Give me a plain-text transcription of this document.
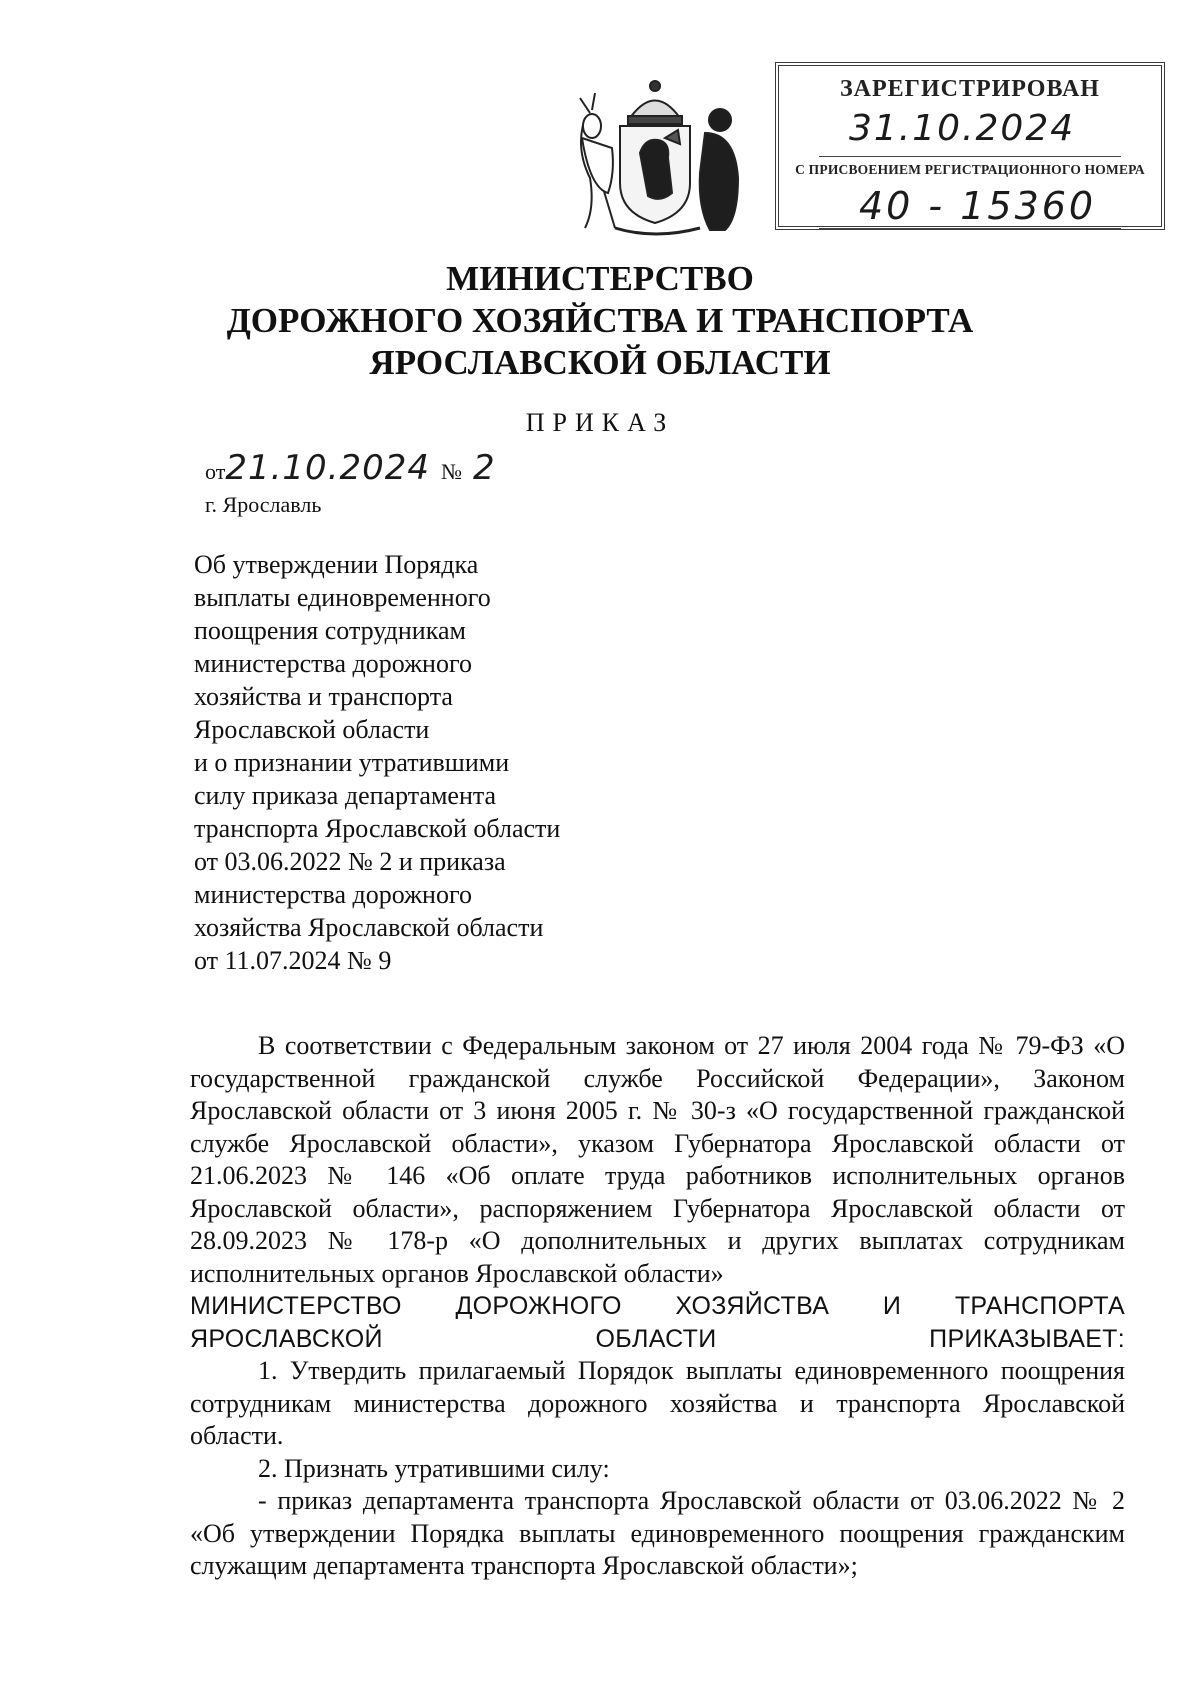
ЗАРЕГИСТРИРОВАН
31.10.2024
С ПРИСВОЕНИЕМ РЕГИСТРАЦИОННОГО НОМЕРА
40 - 15360
МИНИСТЕРСТВО
ДОРОЖНОГО ХОЗЯЙСТВА И ТРАНСПОРТА
ЯРОСЛАВСКОЙ ОБЛАСТИ
ПРИКАЗ
от21.10.2024 № 2
г. Ярославль
Об утверждении Порядка
выплаты единовременного
поощрения сотрудникам
министерства дорожного
хозяйства и транспорта
Ярославской области
и о признании утратившими
силу приказа департамента
транспорта Ярославской области
от 03.06.2022 № 2 и приказа
министерства дорожного
хозяйства Ярославской области
от 11.07.2024 № 9

В соответствии с Федеральным законом от 27 июля 2004 года № 79-ФЗ «О государственной гражданской службе Российской Федерации», Законом Ярославской области от 3 июня 2005 г. № 30-з «О государственной гражданской службе Ярославской области», указом Губернатора Ярославской области от 21.06.2023 № 146 «Об оплате труда работников исполнительных органов Ярославской области», распоряжением Губернатора Ярославской области от 28.09.2023 № 178-р «О дополнительных и других выплатах сотрудникам исполнительных органов Ярославской области»

МИНИСТЕРСТВО ДОРОЖНОГО ХОЗЯЙСТВА И ТРАНСПОРТА ЯРОСЛАВСКОЙ ОБЛАСТИ ПРИКАЗЫВАЕТ:

1. Утвердить прилагаемый Порядок выплаты единовременного поощрения сотрудникам министерства дорожного хозяйства и транспорта Ярославской области.

2. Признать утратившими силу:

- приказ департамента транспорта Ярославской области от 03.06.2022 № 2 «Об утверждении Порядка выплаты единовременного поощрения гражданским служащим департамента транспорта Ярославской области»;
